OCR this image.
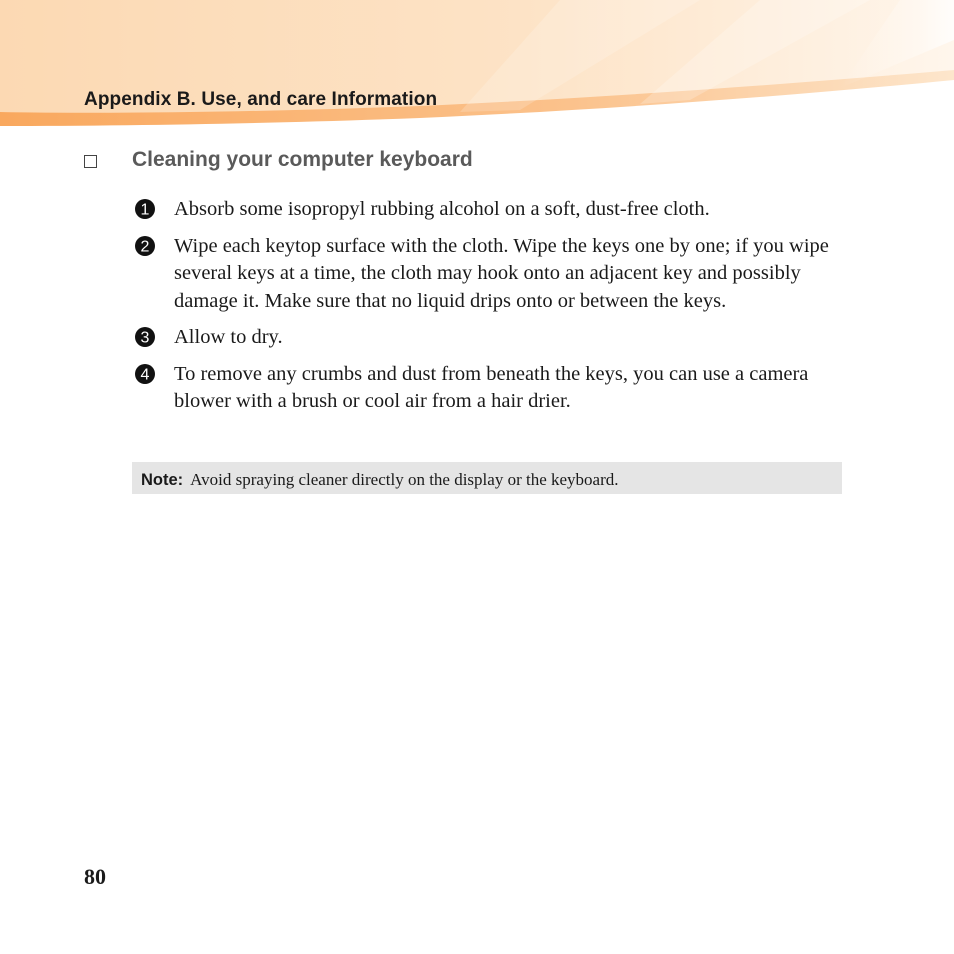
Appendix B. Use, and care Information
Cleaning your computer keyboard
1 Absorb some isopropyl rubbing alcohol on a soft, dust-free cloth.
2 Wipe each keytop surface with the cloth. Wipe the keys one by one; if you wipe several keys at a time, the cloth may hook onto an adjacent key and possibly damage it. Make sure that no liquid drips onto or between the keys.
3 Allow to dry.
4 To remove any crumbs and dust from beneath the keys, you can use a camera blower with a brush or cool air from a hair drier.
Note: Avoid spraying cleaner directly on the display or the keyboard.
80
